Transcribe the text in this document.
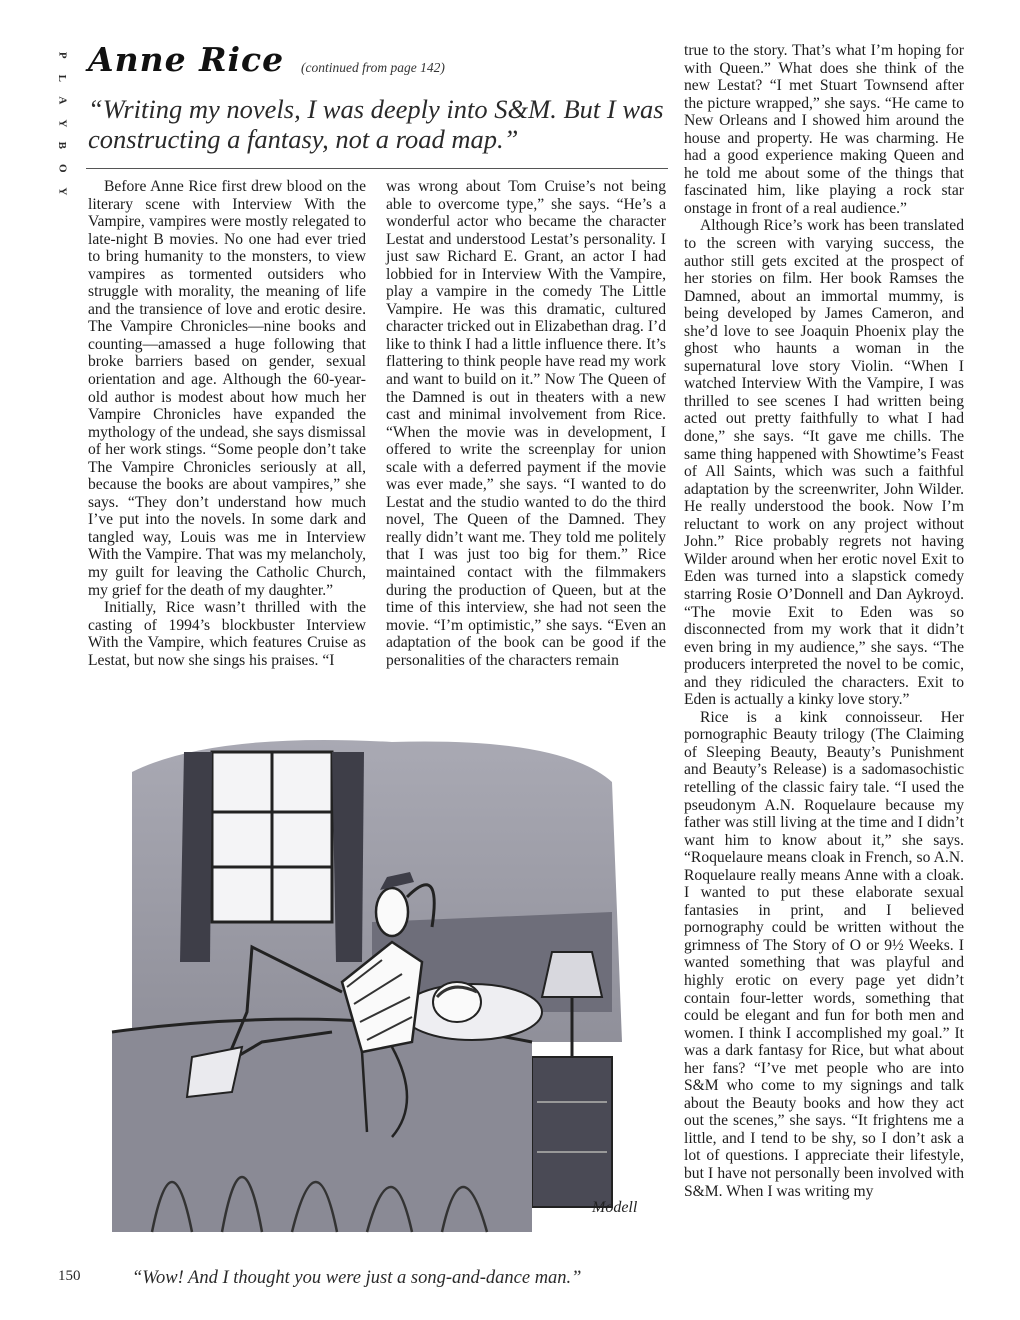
P
L
A
Y
B
O
Y
Anne Rice (continued from page 142)
“Writing my novels, I was deeply into S&M. But I was constructing a fantasy, not a road map.”

Before Anne Rice first drew blood on the literary scene with Interview With the Vampire, vampires were mostly relegated to late-night B movies. No one had ever tried to bring humanity to the monsters, to view vampires as tormented outsiders who struggle with morality, the meaning of life and the transience of love and erotic desire. The Vampire Chronicles—nine books and counting—amassed a huge following that broke barriers based on gender, sexual orientation and age. Although the 60-year-old author is modest about how much her Vampire Chronicles have expanded the mythology of the undead, she says dismissal of her work stings. “Some people don’t take The Vampire Chronicles seriously at all, because the books are about vampires,” she says. “They don’t understand how much I’ve put into the novels. In some dark and tangled way, Louis was me in Interview With the Vampire. That was my melancholy, my guilt for leaving the Catholic Church, my grief for the death of my daughter.”

Initially, Rice wasn’t thrilled with the casting of 1994’s blockbuster Interview With the Vampire, which features Cruise as Lestat, but now she sings his praises. “I

was wrong about Tom Cruise’s not being able to overcome type,” she says. “He’s a wonderful actor who became the character Lestat and understood Lestat’s personality. I just saw Richard E. Grant, an actor I had lobbied for in Interview With the Vampire, play a vampire in the comedy The Little Vampire. He was this dramatic, cultured character tricked out in Elizabethan drag. I’d like to think I had a little influence there. It’s flattering to think people have read my work and want to build on it.” Now The Queen of the Damned is out in theaters with a new cast and minimal involvement from Rice. “When the movie was in development, I offered to write the screenplay for union scale with a deferred payment if the movie was ever made,” she says. “I wanted to do Lestat and the studio wanted to do the third novel, The Queen of the Damned. They really didn’t want me. They told me politely that I was just too big for them.” Rice maintained contact with the filmmakers during the production of Queen, but at the time of this interview, she had not seen the movie. “I’m optimistic,” she says. “Even an adaptation of the book can be good if the personalities of the characters remain

true to the story. That’s what I’m hoping for with Queen.” What does she think of the new Lestat? “I met Stuart Townsend after the picture wrapped,” she says. “He came to New Orleans and I showed him around the house and property. He was charming. He had a good experience making Queen and he told me about some of the things that fascinated him, like playing a rock star onstage in front of a real audience.”

Although Rice’s work has been translated to the screen with varying success, the author still gets excited at the prospect of her stories on film. Her book Ramses the Damned, about an immortal mummy, is being developed by James Cameron, and she’d love to see Joaquin Phoenix play the ghost who haunts a woman in the supernatural love story Violin. “When I watched Interview With the Vampire, I was thrilled to see scenes I had written being acted out pretty faithfully to what I had done,” she says. “It gave me chills. The same thing happened with Showtime’s Feast of All Saints, which was such a faithful adaptation by the screenwriter, John Wilder. He really understood the book. Now I’m reluctant to work on any project without John.” Rice probably regrets not having Wilder around when her erotic novel Exit to Eden was turned into a slapstick comedy starring Rosie O’Donnell and Dan Aykroyd. “The movie Exit to Eden was so disconnected from my work that it didn’t even bring in my audience,” she says. “The producers interpreted the novel to be comic, and they ridiculed the characters. Exit to Eden is actually a kinky love story.”

Rice is a kink connoisseur. Her pornographic Beauty trilogy (The Claiming of Sleeping Beauty, Beauty’s Punishment and Beauty’s Release) is a sadomasochistic retelling of the classic fairy tale. “I used the pseudonym A.N. Roquelaure because my father was still living at the time and I didn’t want him to know about it,” she says. “Roquelaure means cloak in French, so A.N. Roquelaure really means Anne with a cloak. I wanted to put these elaborate sexual fantasies in print, and I believed pornography could be written without the grimness of The Story of O or 9½ Weeks. I wanted something that was playful and highly erotic on every page yet didn’t contain four-letter words, something that could be elegant and fun for both men and women. I think I accomplished my goal.” It was a dark fantasy for Rice, but what about her fans? “I’ve met people who are into S&M who come to my signings and talk about the Beauty books and how they act out the scenes,” she says. “It frightens me a little, and I tend to be shy, so I don’t ask a lot of questions. I appreciate their lifestyle, but I have not personally been involved with S&M. When I was writing my

Modell
“Wow! And I thought you were just a song-and-dance man.”
150
